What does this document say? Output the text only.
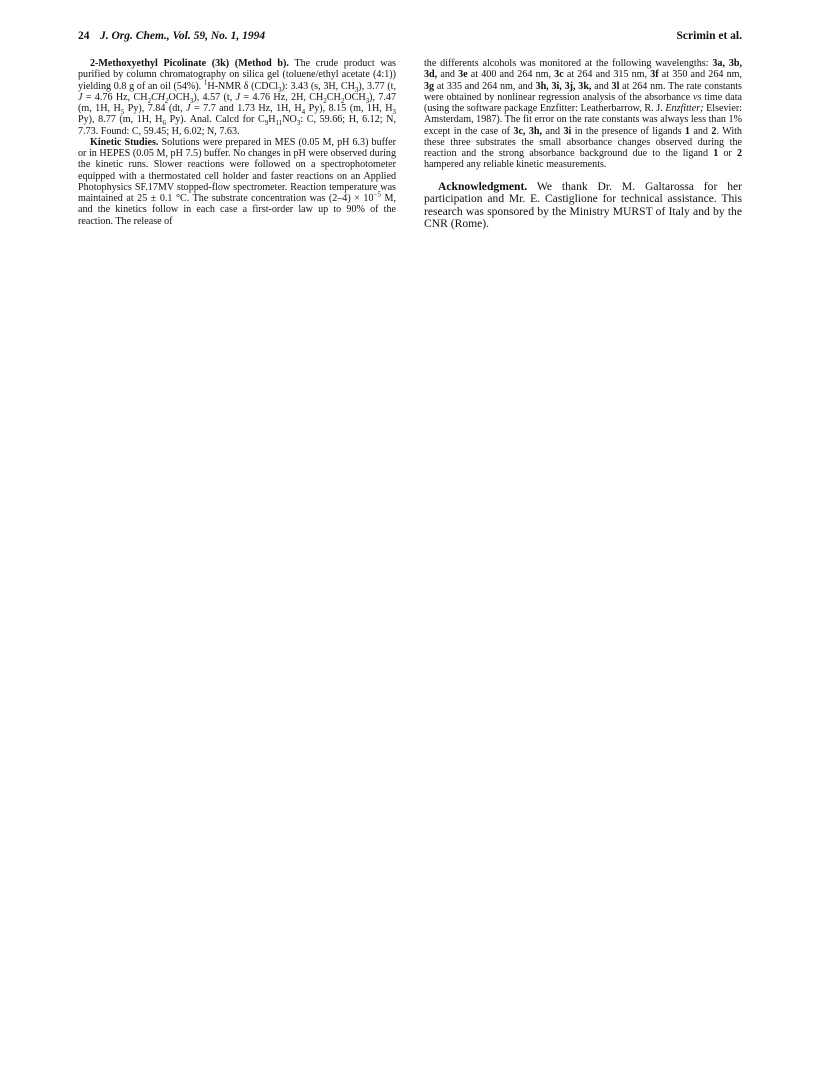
24 J. Org. Chem., Vol. 59, No. 1, 1994	Scrimin et al.

2-Methoxyethyl Picolinate (3k) (Method b). The crude product was purified by column chromatography on silica gel (toluene/ethyl acetate (4:1)) yielding 0.8 g of an oil (54%). $^1$H-NMR δ (CDCl$_3$): 3.43 (s, 3H, $CH_3$), 3.77 (t, J = 4.76 Hz, $CH_2CH_2OCH_3$), 4.57 (t, J = 4.76 Hz, 2H, $CH_2CH_2OCH_3$), 7.47 (m, 1H, $H_5$ Py), 7.84 (dt, J = 7.7 and 1.73 Hz, 1H, $H_4$ Py), 8.15 (m, 1H, $H_3$ Py), 8.77 (m, 1H, $H_6$ Py). Anal. Calcd for $C_9H_{11}NO_3$: C, 59.66; H, 6.12; N, 7.73. Found: C, 59.45; H, 6.02; N, 7.63.

Kinetic Studies. Solutions were prepared in MES (0.05 M, pH 6.3) buffer or in HEPES (0.05 M, pH 7.5) buffer. No changes in pH were observed during the kinetic runs. Slower reactions were followed on a spectrophotometer equipped with a thermostated cell holder and faster reactions on an Applied Photophysics SF.17MV stopped-flow spectrometer. Reaction temperature was maintained at 25 ± 0.1 °C. The substrate concentration was $(2-4) \times 10^{-5}$ M, and the kinetics follow in each case a first-order law up to 90% of the reaction. The release of

the differents alcohols was monitored at the following wavelengths: 3a, 3b, 3d, and 3e at 400 and 264 nm, 3c at 264 and 315 nm, 3f at 350 and 264 nm, 3g at 335 and 264 nm, and 3h, 3i, 3j, 3k, and 3l at 264 nm. The rate constants were obtained by nonlinear regression analysis of the absorbance vs time data (using the software package Enzfitter: Leatherbarrow, R. J. Enzfitter; Elsevier: Amsterdam, 1987). The fit error on the rate constants was always less than 1% except in the case of 3c, 3h, and 3i in the presence of ligands 1 and 2. With these three substrates the small absorbance changes observed during the reaction and the strong absorbance background due to the ligand 1 or 2 hampered any reliable kinetic measurements.

Acknowledgment. We thank Dr. M. Galtarossa for her participation and Mr. E. Castiglione for technical assistance. This research was sponsored by the Ministry MURST of Italy and by the CNR (Rome).
